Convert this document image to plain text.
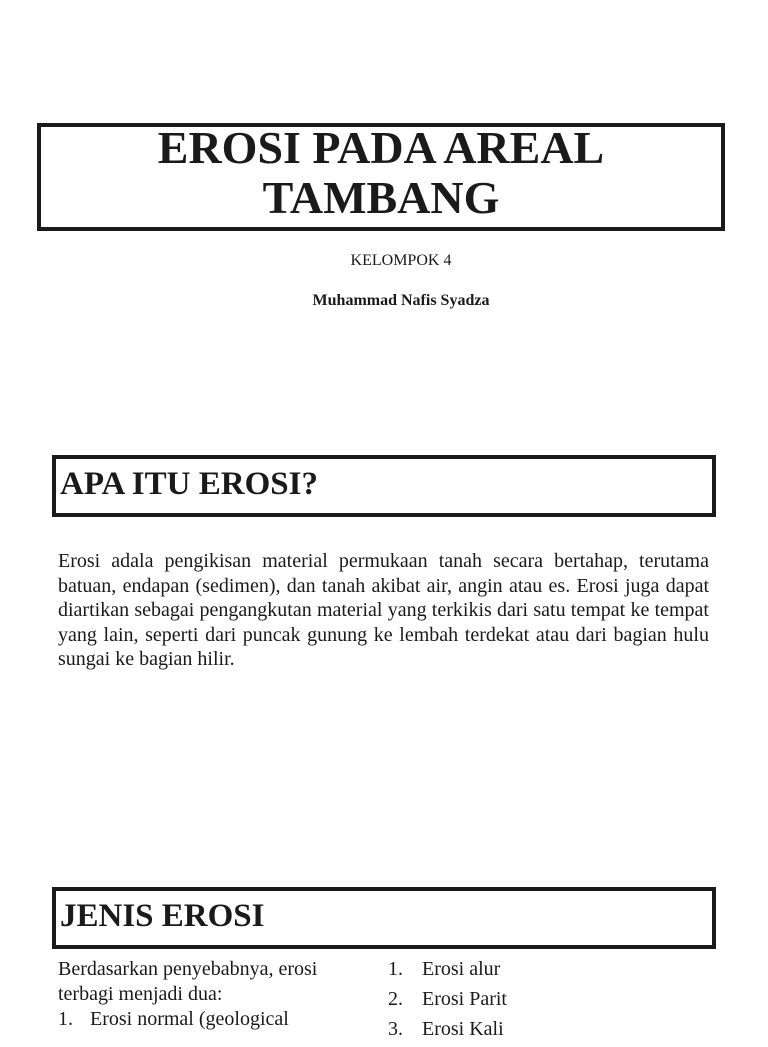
EROSI PADA AREAL TAMBANG
KELOMPOK 4
Muhammad Nafis Syadza
APA ITU EROSI?
Erosi adala pengikisan material permukaan tanah secara bertahap, terutama batuan, endapan (sedimen), dan tanah akibat air, angin atau es. Erosi juga dapat diartikan sebagai pengangkutan material yang terkikis dari satu tempat ke tempat yang lain, seperti dari puncak gunung ke lembah terdekat atau dari bagian hulu sungai ke bagian hilir.
JENIS EROSI
Berdasarkan penyebabnya, erosi terbagi menjadi dua:
1. Erosi normal (geological
1. Erosi alur
2. Erosi Parit
3. Erosi Kali
